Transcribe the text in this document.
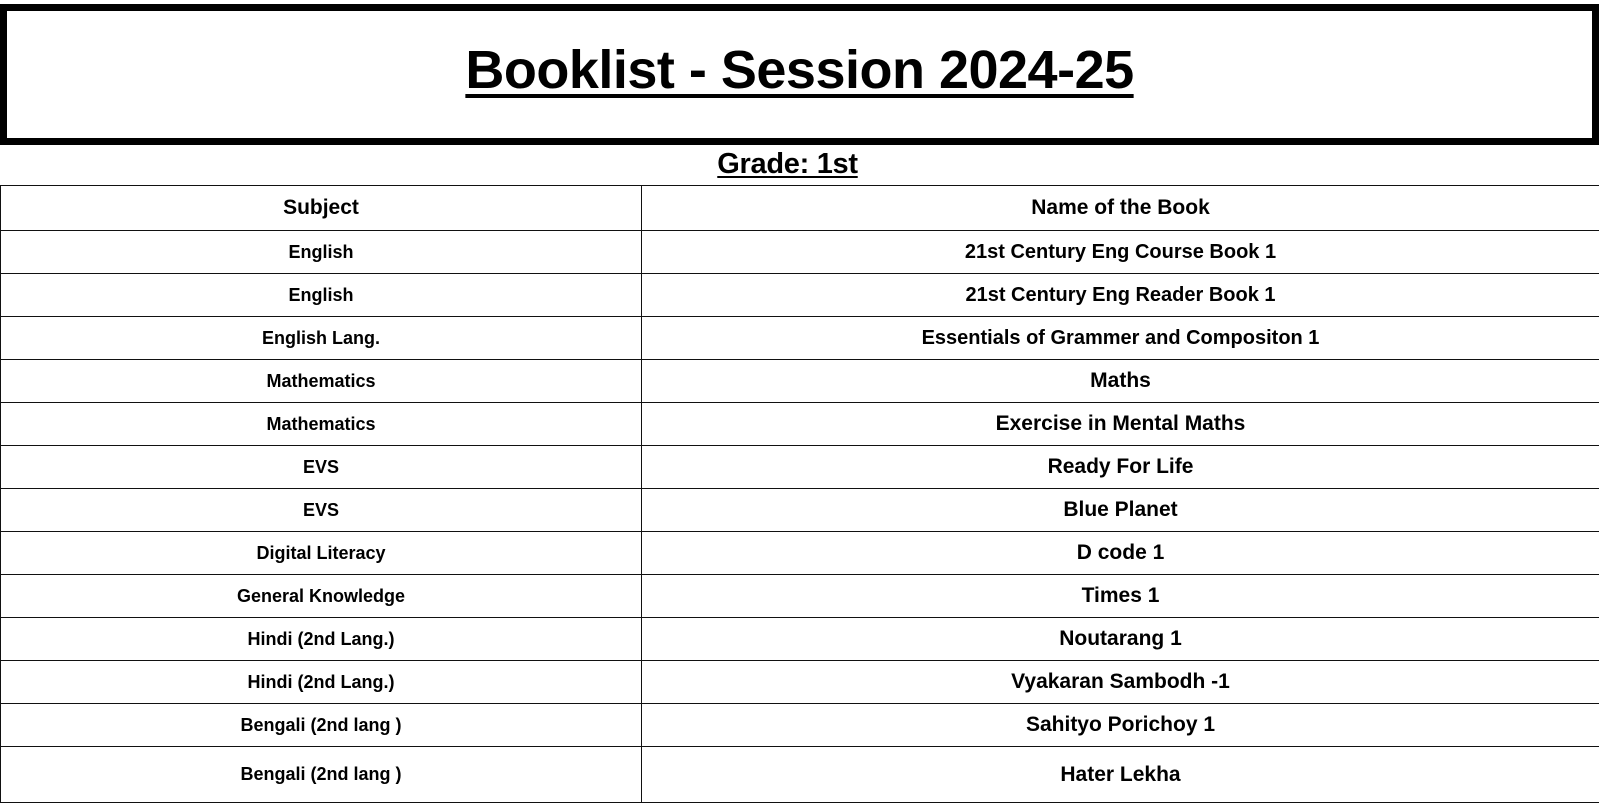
Booklist - Session 2024-25
Grade: 1st
Subject	Name of the Book
English	21st Century Eng Course Book 1
English	21st Century Eng Reader Book 1
English Lang.	Essentials of Grammer and Compositon 1
Mathematics	Maths
Mathematics	Exercise in Mental Maths
EVS	Ready For Life
EVS	Blue Planet
Digital Literacy	D code 1
General Knowledge	Times 1
Hindi (2nd Lang.)	Noutarang 1
Hindi (2nd Lang.)	Vyakaran Sambodh -1
Bengali (2nd lang )	Sahityo Porichoy 1
Bengali (2nd lang )	Hater Lekha
